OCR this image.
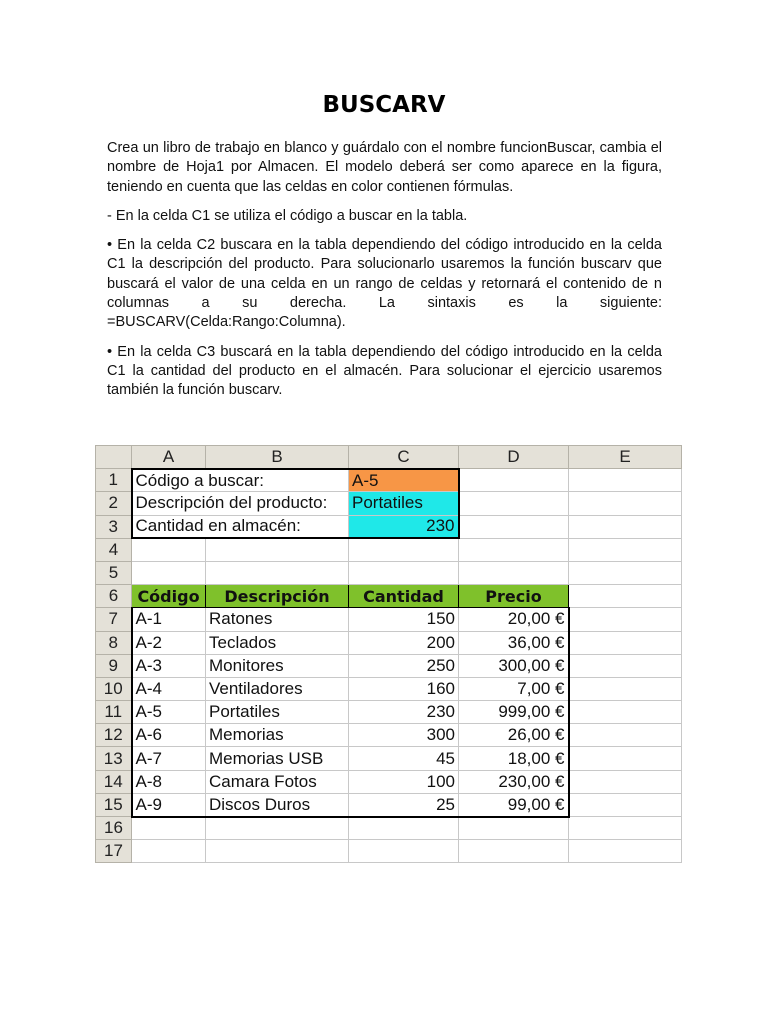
BUSCARV

Crea un libro de trabajo en blanco y guárdalo con el nombre funcionBuscar, cambia el nombre de Hoja1 por Almacen. El modelo deberá ser como aparece en la figura, teniendo en cuenta que las celdas en color contienen fórmulas.

- En la celda C1 se utiliza el código a buscar en la tabla.

• En la celda C2 buscara en la tabla dependiendo del código introducido en la celda C1 la descripción del producto. Para solucionarlo usaremos la función buscarv que buscará el valor de una celda en un rango de celdas y retornará el contenido de n columnas a su derecha. La sintaxis es la siguiente: =BUSCARV(Celda:Rango:Columna).

• En la celda C3 buscará en la tabla dependiendo del código introducido en la celda C1 la cantidad del producto en el almacén. Para solucionar el ejercicio usaremos también la función buscarv.

	A	B	C	D	E
1	Código a buscar:		A-5		
2	Descripción del producto:		Portatiles		
3	Cantidad en almacén:		230		
4					
5					
6	Código	Descripción	Cantidad	Precio	
7	A-1	Ratones	150	20,00 €	
8	A-2	Teclados	200	36,00 €	
9	A-3	Monitores	250	300,00 €	
10	A-4	Ventiladores	160	7,00 €	
11	A-5	Portatiles	230	999,00 €	
12	A-6	Memorias	300	26,00 €	
13	A-7	Memorias USB	45	18,00 €	
14	A-8	Camara Fotos	100	230,00 €	
15	A-9	Discos Duros	25	99,00 €	
16					
17					
